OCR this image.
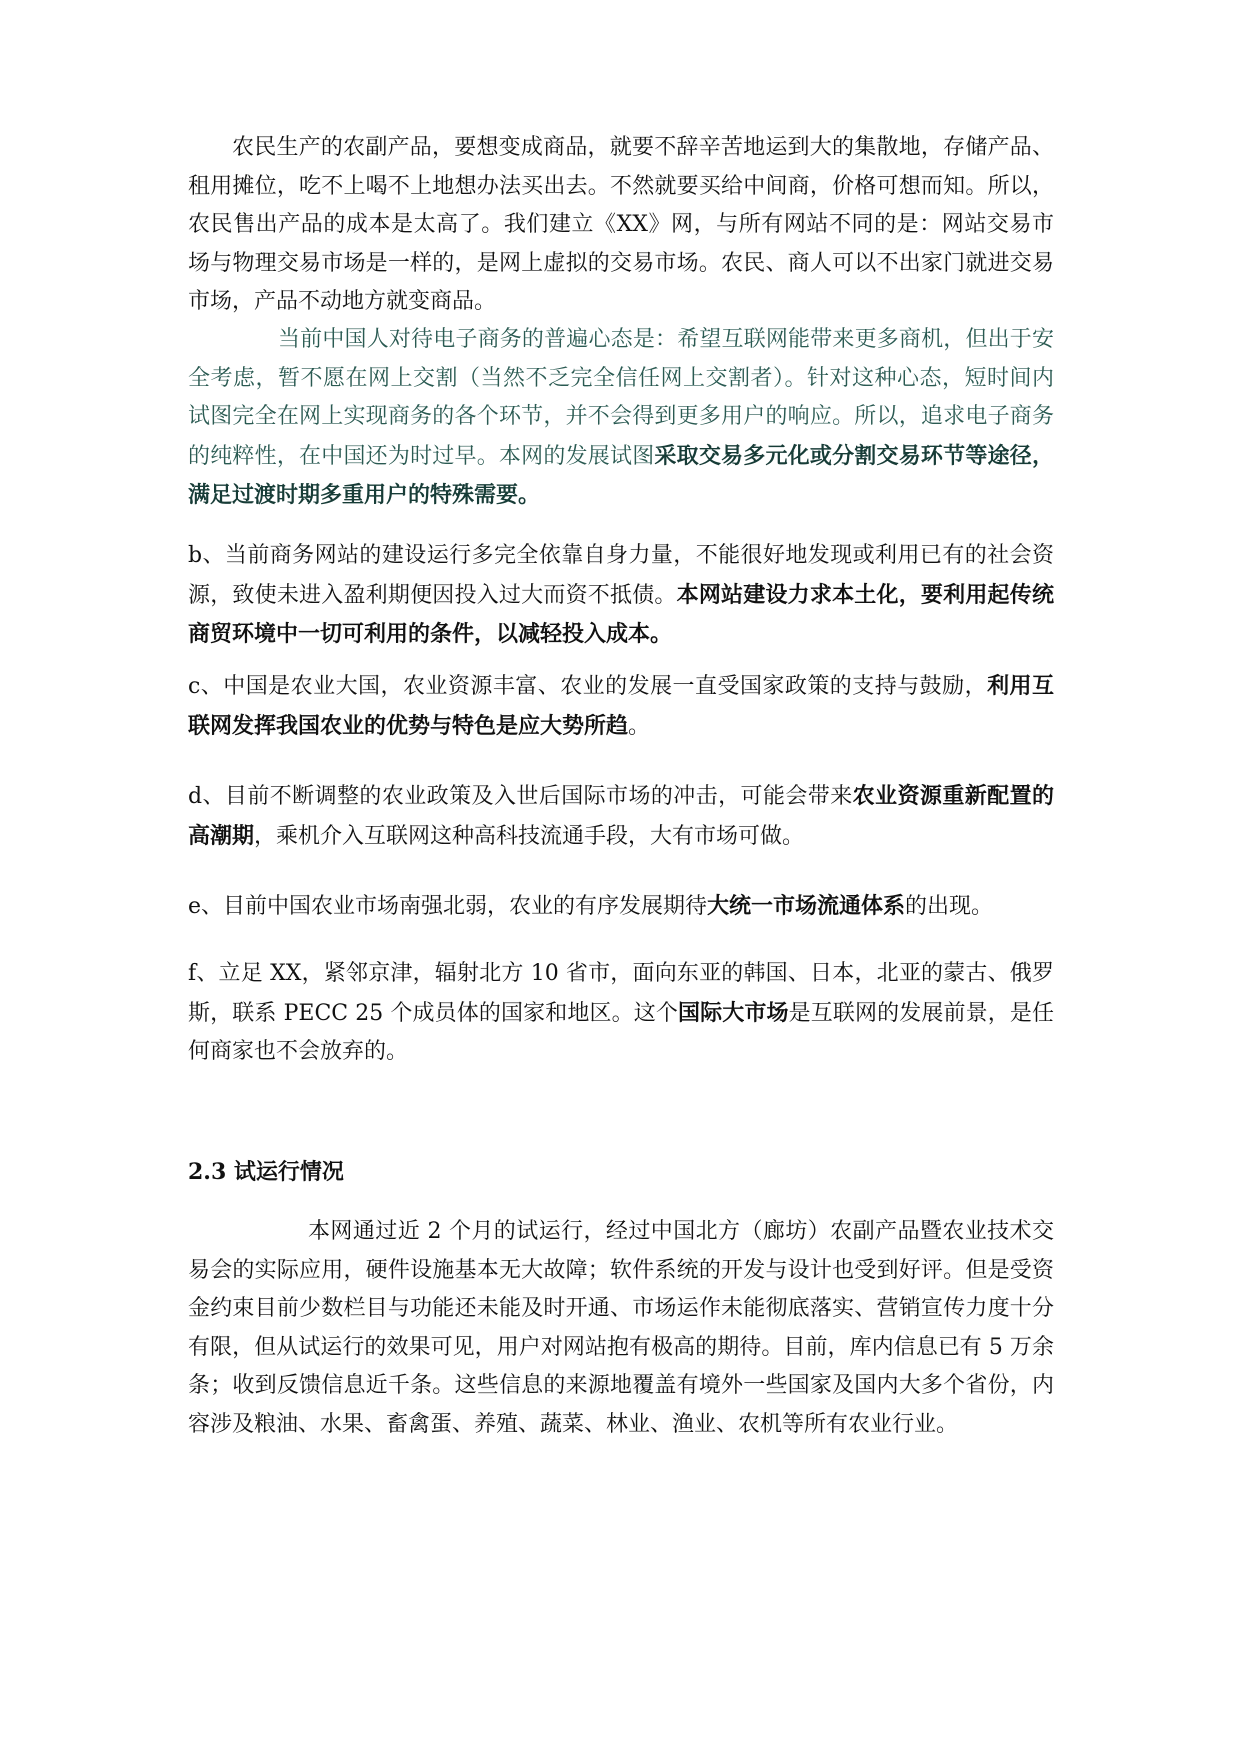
农民生产的农副产品，要想变成商品，就要不辞辛苦地运到大的集散地，存储产品、租用摊位，吃不上喝不上地想办法买出去。不然就要买给中间商，价格可想而知。所以，农民售出产品的成本是太高了。我们建立《XX》网，与所有网站不同的是：网站交易市场与物理交易市场是一样的，是网上虚拟的交易市场。农民、商人可以不出家门就进交易市场，产品不动地方就变商品。

当前中国人对待电子商务的普遍心态是：希望互联网能带来更多商机，但出于安全考虑，暂不愿在网上交割（当然不乏完全信任网上交割者）。针对这种心态，短时间内试图完全在网上实现商务的各个环节，并不会得到更多用户的响应。所以，追求电子商务的纯粹性，在中国还为时过早。本网的发展试图采取交易多元化或分割交易环节等途径，满足过渡时期多重用户的特殊需要。

b、当前商务网站的建设运行多完全依靠自身力量，不能很好地发现或利用已有的社会资源，致使未进入盈利期便因投入过大而资不抵债。本网站建设力求本土化，要利用起传统商贸环境中一切可利用的条件，以减轻投入成本。

c、中国是农业大国，农业资源丰富、农业的发展一直受国家政策的支持与鼓励，利用互联网发挥我国农业的优势与特色是应大势所趋。

d、目前不断调整的农业政策及入世后国际市场的冲击，可能会带来农业资源重新配置的高潮期，乘机介入互联网这种高科技流通手段，大有市场可做。

e、目前中国农业市场南强北弱，农业的有序发展期待大统一市场流通体系的出现。

f、立足 XX，紧邻京津，辐射北方 10 省市，面向东亚的韩国、日本，北亚的蒙古、俄罗斯，联系 PECC 25 个成员体的国家和地区。这个国际大市场是互联网的发展前景，是任何商家也不会放弃的。

2.3 试运行情况

本网通过近 2 个月的试运行，经过中国北方（廊坊）农副产品暨农业技术交易会的实际应用，硬件设施基本无大故障；软件系统的开发与设计也受到好评。但是受资金约束目前少数栏目与功能还未能及时开通、市场运作未能彻底落实、营销宣传力度十分有限，但从试运行的效果可见，用户对网站抱有极高的期待。目前，库内信息已有 5 万余条；收到反馈信息近千条。这些信息的来源地覆盖有境外一些国家及国内大多个省份，内容涉及粮油、水果、畜禽蛋、养殖、蔬菜、林业、渔业、农机等所有农业行业。
